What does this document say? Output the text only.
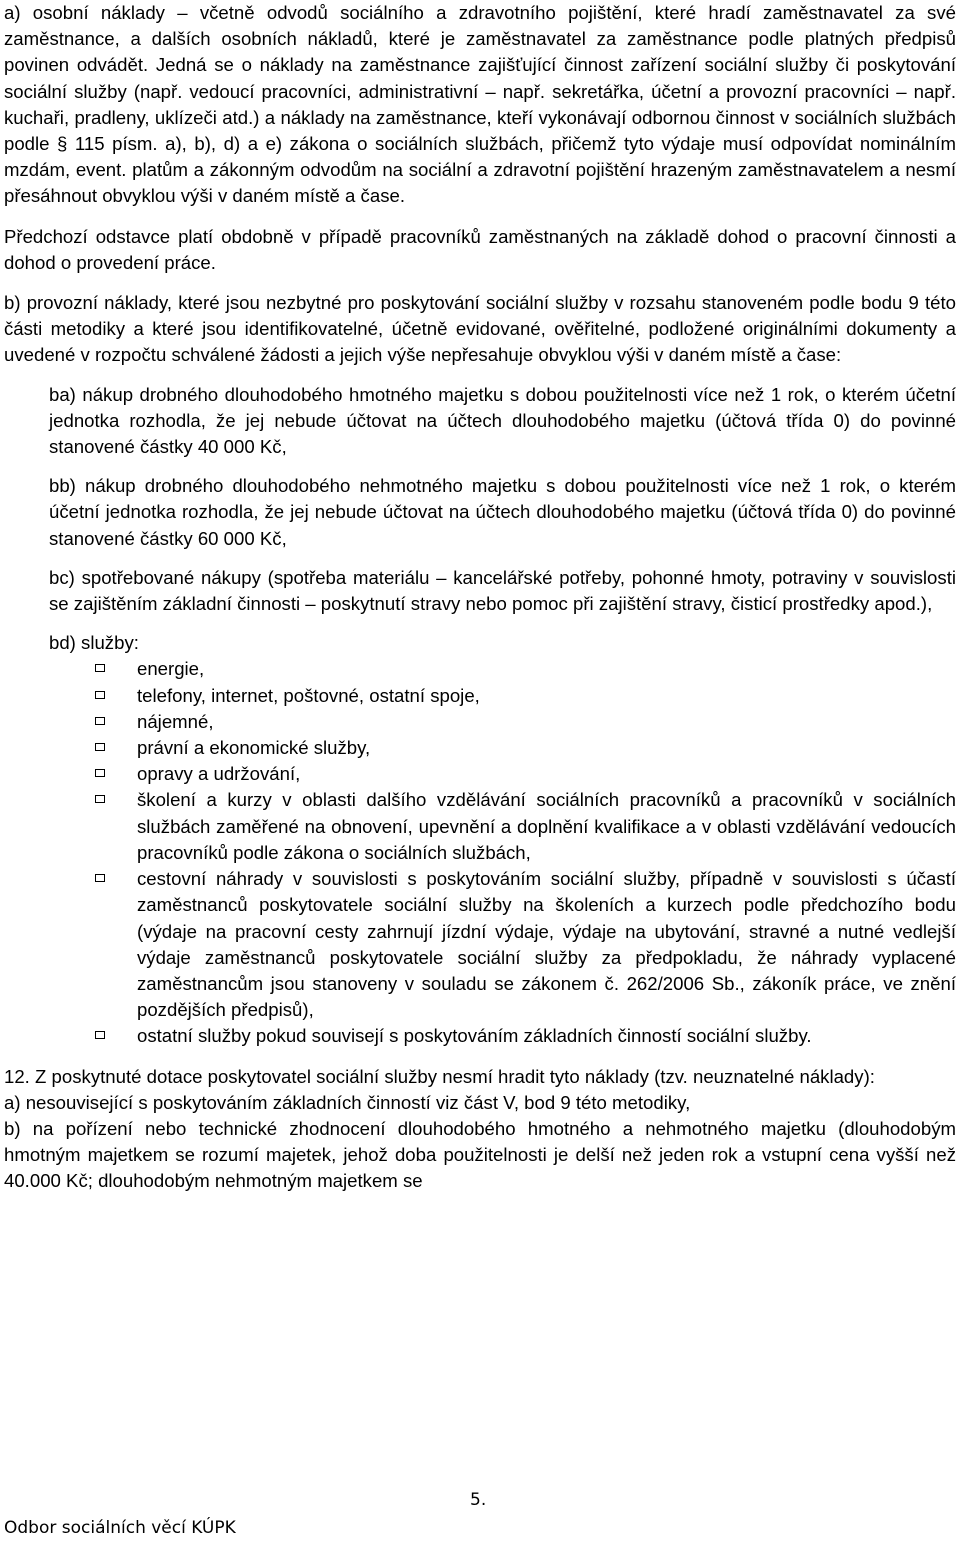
a) osobní náklady – včetně odvodů sociálního a zdravotního pojištění, které hradí zaměstnavatel za své zaměstnance, a dalších osobních nákladů, které je zaměstnavatel za zaměstnance podle platných předpisů povinen odvádět. Jedná se o náklady na zaměstnance zajišťující činnost zařízení sociální služby či poskytování sociální služby (např. vedoucí pracovníci, administrativní – např. sekretářka, účetní a provozní pracovníci – např. kuchaři, pradleny, uklízeči atd.) a náklady na zaměstnance, kteří vykonávají odbornou činnost v sociálních službách podle § 115 písm. a), b), d) a e) zákona o sociálních službách, přičemž tyto výdaje musí odpovídat nominálním mzdám, event. platům a zákonným odvodům na sociální a zdravotní pojištění hrazeným zaměstnavatelem a nesmí přesáhnout obvyklou výši v daném místě a čase.

Předchozí odstavce platí obdobně v případě pracovníků zaměstnaných na základě dohod o pracovní činnosti a dohod o provedení práce.

b) provozní náklady, které jsou nezbytné pro poskytování sociální služby v rozsahu stanoveném podle bodu 9 této části metodiky a které jsou identifikovatelné, účetně evidované, ověřitelné, podložené originálními dokumenty a uvedené v rozpočtu schválené žádosti a jejich výše nepřesahuje obvyklou výši v daném místě a čase:

ba) nákup drobného dlouhodobého hmotného majetku s dobou použitelnosti více než 1 rok, o kterém účetní jednotka rozhodla, že jej nebude účtovat na účtech dlouhodobého majetku (účtová třída 0) do povinné stanovené částky 40 000 Kč,

bb) nákup drobného dlouhodobého nehmotného majetku s dobou použitelnosti více než 1 rok, o kterém účetní jednotka rozhodla, že jej nebude účtovat na účtech dlouhodobého majetku (účtová třída 0) do povinné stanovené částky 60 000 Kč,

bc) spotřebované nákupy (spotřeba materiálu – kancelářské potřeby, pohonné hmoty, potraviny v souvislosti se zajištěním základní činnosti – poskytnutí stravy nebo pomoc při zajištění stravy, čisticí prostředky apod.),

bd) služby:

energie,
telefony, internet, poštovné, ostatní spoje,
nájemné,
právní a ekonomické služby,
opravy a udržování,
školení a kurzy v oblasti dalšího vzdělávání sociálních pracovníků a pracovníků v sociálních službách zaměřené na obnovení, upevnění a doplnění kvalifikace a v oblasti vzdělávání vedoucích pracovníků podle zákona o sociálních službách,
cestovní náhrady v souvislosti s poskytováním sociální služby, případně v souvislosti s účastí zaměstnanců poskytovatele sociální služby na školeních a kurzech podle předchozího bodu (výdaje na pracovní cesty zahrnují jízdní výdaje, výdaje na ubytování, stravné a nutné vedlejší výdaje zaměstnanců poskytovatele sociální služby za předpokladu, že náhrady vyplacené zaměstnancům jsou stanoveny v souladu se zákonem č. 262/2006 Sb., zákoník práce, ve znění pozdějších předpisů),
ostatní služby pokud souvisejí s poskytováním základních činností sociální služby.

12. Z poskytnuté dotace poskytovatel sociální služby nesmí hradit tyto náklady (tzv. neuznatelné náklady):

a) nesouvisející s poskytováním základních činností viz část V, bod 9 této metodiky,

b) na pořízení nebo technické zhodnocení dlouhodobého hmotného a nehmotného majetku (dlouhodobým hmotným majetkem se rozumí majetek, jehož doba použitelnosti je delší než jeden rok a vstupní cena vyšší než 40.000 Kč; dlouhodobým nehmotným majetkem se

5.
Odbor sociálních věcí KÚPK
